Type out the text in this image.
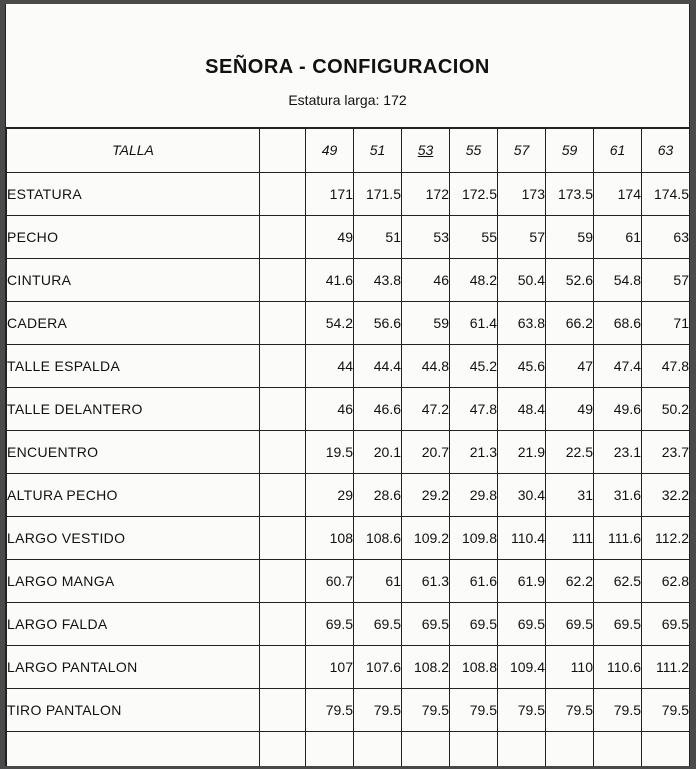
SEÑORA - CONFIGURACION
Estatura larga: 172
TALLA		49	51	53	55	57	59	61	63
ESTATURA		171	171.5	172	172.5	173	173.5	174	174.5
PECHO		49	51	53	55	57	59	61	63
CINTURA		41.6	43.8	46	48.2	50.4	52.6	54.8	57
CADERA		54.2	56.6	59	61.4	63.8	66.2	68.6	71
TALLE ESPALDA		44	44.4	44.8	45.2	45.6	47	47.4	47.8
TALLE DELANTERO		46	46.6	47.2	47.8	48.4	49	49.6	50.2
ENCUENTRO		19.5	20.1	20.7	21.3	21.9	22.5	23.1	23.7
ALTURA PECHO		29	28.6	29.2	29.8	30.4	31	31.6	32.2
LARGO VESTIDO		108	108.6	109.2	109.8	110.4	111	111.6	112.2
LARGO MANGA		60.7	61	61.3	61.6	61.9	62.2	62.5	62.8
LARGO FALDA		69.5	69.5	69.5	69.5	69.5	69.5	69.5	69.5
LARGO PANTALON		107	107.6	108.2	108.8	109.4	110	110.6	111.2
TIRO PANTALON		79.5	79.5	79.5	79.5	79.5	79.5	79.5	79.5
